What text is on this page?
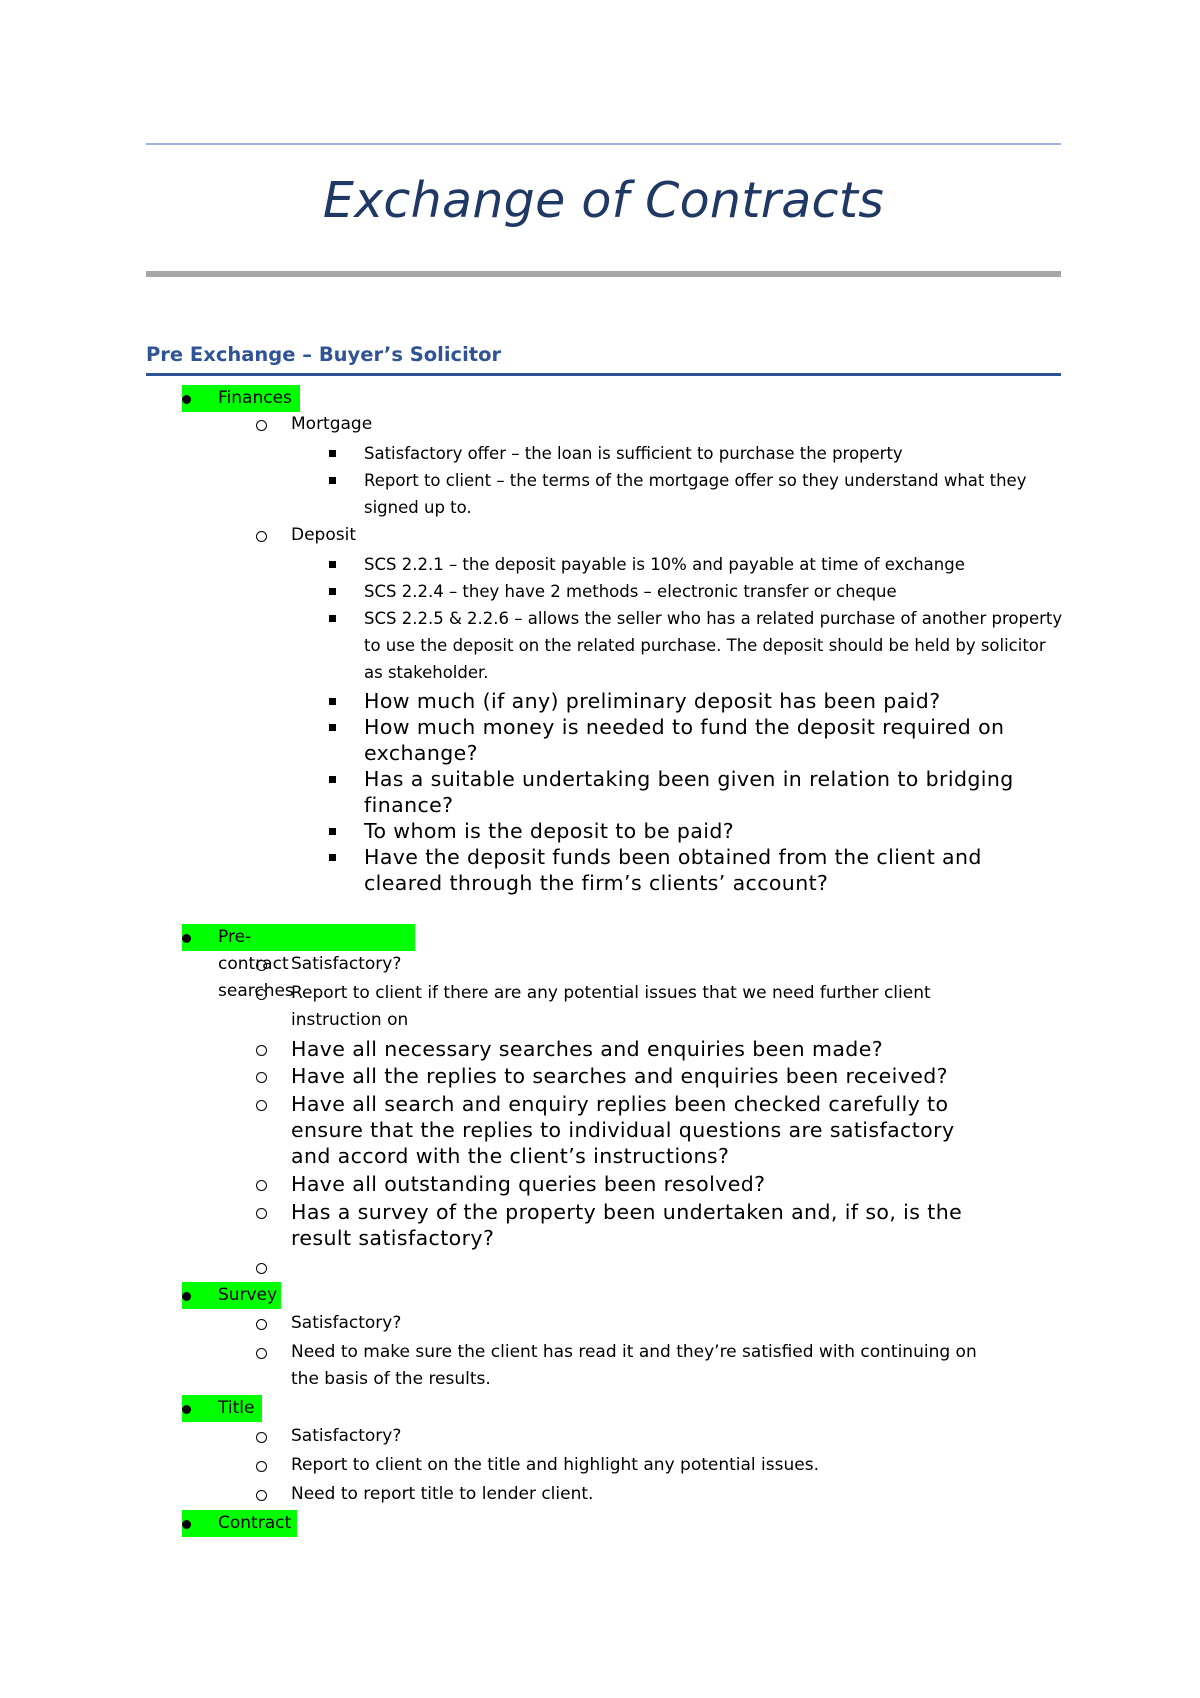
Exchange of Contracts
Pre Exchange – Buyer’s Solicitor
Finances
Mortgage
Satisfactory offer – the loan is sufficient to purchase the property
Report to client – the terms of the mortgage offer so they understand what they signed up to.
Deposit
SCS 2.2.1 – the deposit payable is 10% and payable at time of exchange
SCS 2.2.4 – they have 2 methods – electronic transfer or cheque
SCS 2.2.5 & 2.2.6 – allows the seller who has a related purchase of another property to use the deposit on the related purchase. The deposit should be held by solicitor as stakeholder.
How much (if any) preliminary deposit has been paid?
How much money is needed to fund the deposit required on exchange?
Has a suitable undertaking been given in relation to bridging finance?
To whom is the deposit to be paid?
Have the deposit funds been obtained from the client and cleared through the firm’s clients’ account?
Pre-contract searches
Satisfactory?
Report to client if there are any potential issues that we need further client instruction on
Have all necessary searches and enquiries been made?
Have all the replies to searches and enquiries been received?
Have all search and enquiry replies been checked carefully to ensure that the replies to individual questions are satisfactory and accord with the client’s instructions?
Have all outstanding queries been resolved?
Has a survey of the property been undertaken and, if so, is the result satisfactory?
Survey
Satisfactory?
Need to make sure the client has read it and they’re satisfied with continuing on the basis of the results.
Title
Satisfactory?
Report to client on the title and highlight any potential issues.
Need to report title to lender client.
Contract
